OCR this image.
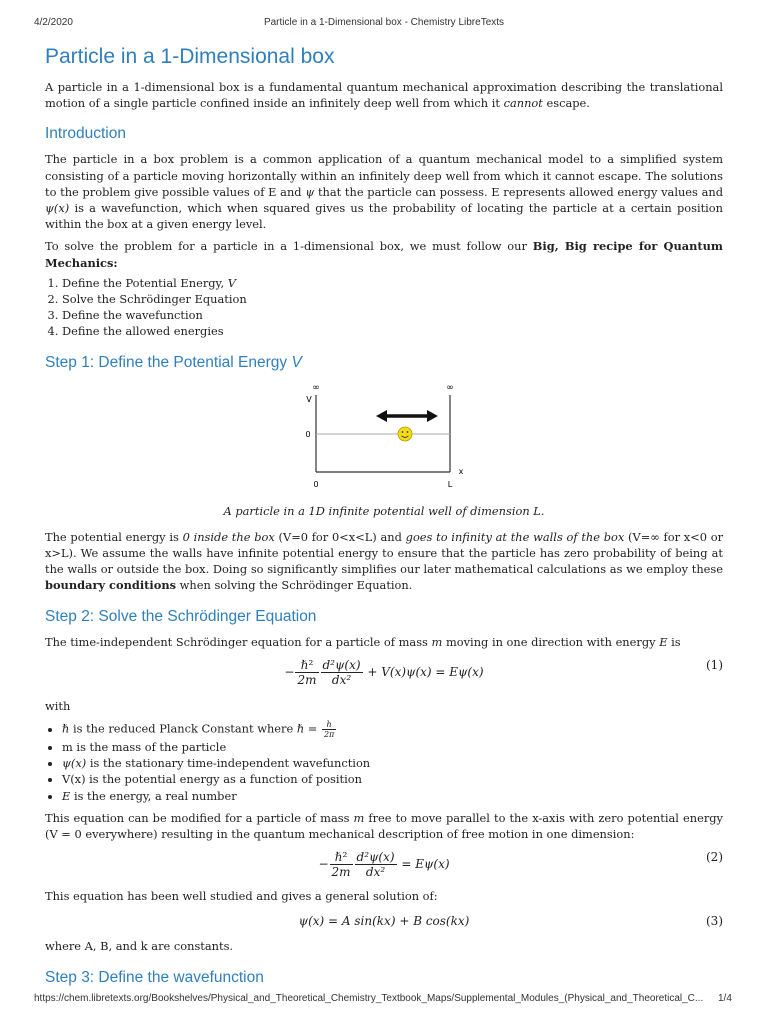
4/2/2020	Particle in a 1-Dimensional box - Chemistry LibreTexts
Particle in a 1-Dimensional box

A particle in a 1-dimensional box is a fundamental quantum mechanical approximation describing the translational motion of a single particle confined inside an infinitely deep well from which it cannot escape.

Introduction

The particle in a box problem is a common application of a quantum mechanical model to a simplified system consisting of a particle moving horizontally within an infinitely deep well from which it cannot escape. The solutions to the problem give possible values of E and ψ that the particle can possess. E represents allowed energy values and ψ(x) is a wavefunction, which when squared gives us the probability of locating the particle at a certain position within the box at a given energy level.

To solve the problem for a particle in a 1-dimensional box, we must follow our Big, Big recipe for Quantum Mechanics:

1. Define the Potential Energy, V
2. Solve the Schrödinger Equation
3. Define the wavefunction
4. Define the allowed energies
Step 1: Define the Potential Energy V
∞	∞
V
0
x
0	L

A particle in a 1D infinite potential well of dimension L.

The potential energy is 0 inside the box (V=0 for 0<x<L) and goes to infinity at the walls of the box (V=∞ for x<0 or x>L). We assume the walls have infinite potential energy to ensure that the particle has zero probability of being at the walls or outside the box. Doing so significantly simplifies our later mathematical calculations as we employ these boundary conditions when solving the Schrödinger Equation.

Step 2: Solve the Schrödinger Equation

The time-independent Schrödinger equation for a particle of mass m moving in one direction with energy E is

− $\frac{\text{ℏ²}}{2m} \frac{\text{d²ψ(x)}}{\text{dx²}} + V(x)\psi(x) = E\psi(x)$	(1)

with

• ℏ is the reduced Planck Constant where ℏ = $\frac{h}{2\pi}$
• m is the mass of the particle
• ψ(x) is the stationary time-independent wavefunction
• V(x) is the potential energy as a function of position
• E is the energy, a real number

This equation can be modified for a particle of mass m free to move parallel to the x-axis with zero potential energy (V = 0 everywhere) resulting in the quantum mechanical description of free motion in one dimension:

− $\frac{\text{ℏ²}}{2m} \frac{\text{d²ψ(x)}}{\text{dx²}} = E\psi(x)$	(2)

This equation has been well studied and gives a general solution of:

ψ(x) = A sin(kx) + B cos(kx)	(3)

where A, B, and k are constants.

Step 3: Define the wavefunction
https://chem.libretexts.org/Bookshelves/Physical_and_Theoretical_Chemistry_Textbook_Maps/Supplemental_Modules_(Physical_and_Theoretical_C...	1/4
